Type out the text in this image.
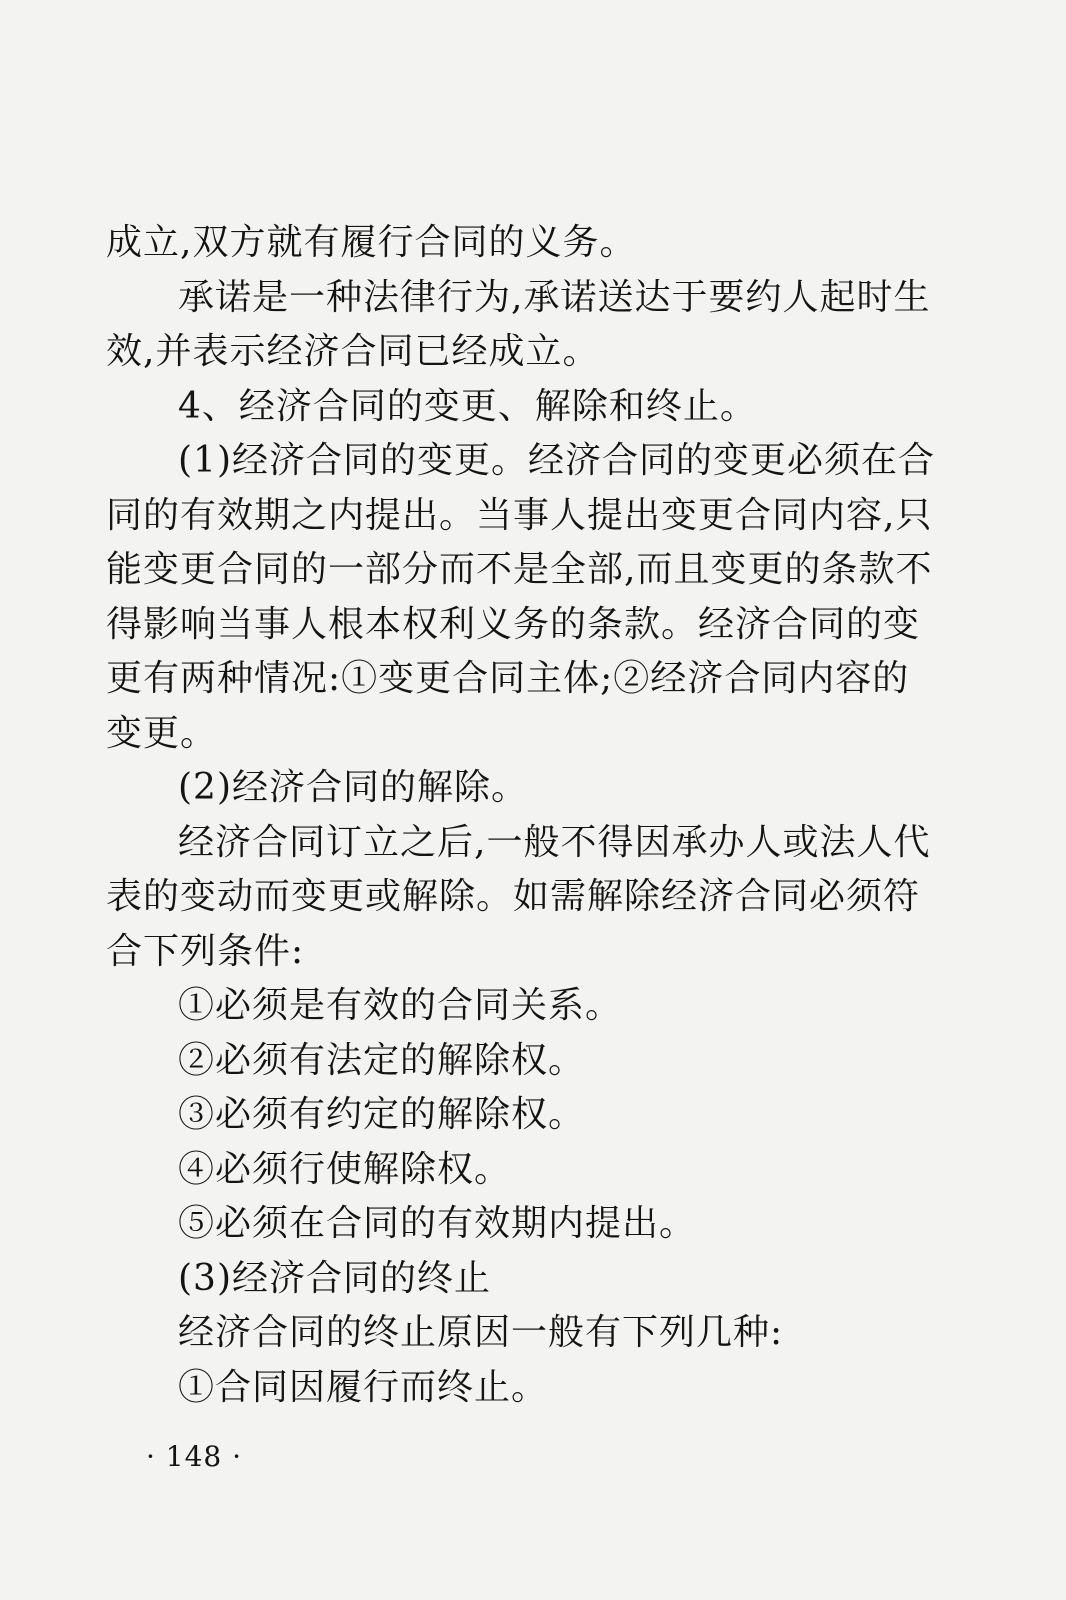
成立,双方就有履行合同的义务。
承诺是一种法律行为,承诺送达于要约人起时生
效,并表示经济合同已经成立。
4、经济合同的变更、解除和终止。
(1)经济合同的变更。经济合同的变更必须在合
同的有效期之内提出。当事人提出变更合同内容,只
能变更合同的一部分而不是全部,而且变更的条款不
得影响当事人根本权利义务的条款。经济合同的变
更有两种情况:①变更合同主体;②经济合同内容的
变更。
(2)经济合同的解除。
经济合同订立之后,一般不得因承办人或法人代
表的变动而变更或解除。如需解除经济合同必须符
合下列条件:
①必须是有效的合同关系。
②必须有法定的解除权。
③必须有约定的解除权。
④必须行使解除权。
⑤必须在合同的有效期内提出。
(3)经济合同的终止
经济合同的终止原因一般有下列几种:
①合同因履行而终止。
· 148 ·
